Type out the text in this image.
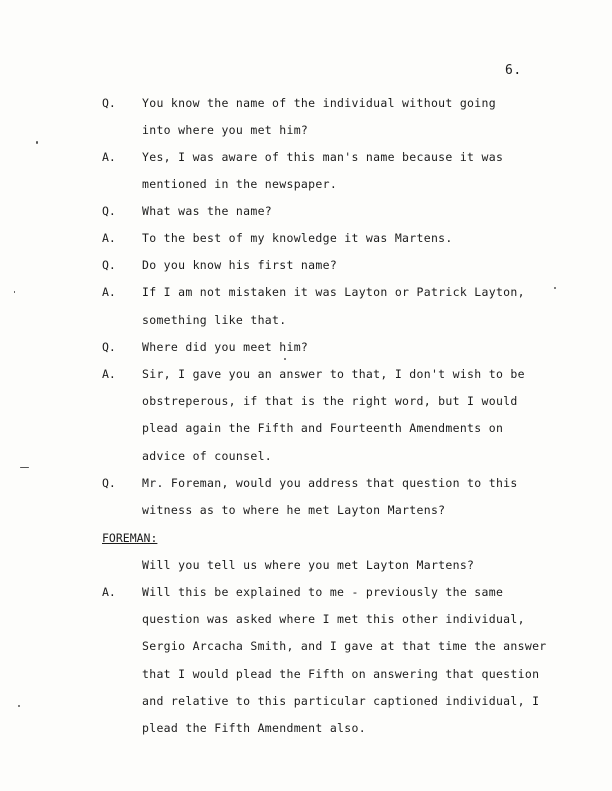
6.
Q. You know the name of the individual without going
into where you met him?
A. Yes, I was aware of this man's name because it was
mentioned in the newspaper.
Q. What was the name?
A. To the best of my knowledge it was Martens.
Q. Do you know his first name?
A. If I am not mistaken it was Layton or Patrick Layton,
something like that.
Q. Where did you meet him?
A. Sir, I gave you an answer to that, I don't wish to be
obstreperous, if that is the right word, but I would
plead again the Fifth and Fourteenth Amendments on
advice of counsel.
Q. Mr. Foreman, would you address that question to this
witness as to where he met Layton Martens?
FOREMAN:
Will you tell us where you met Layton Martens?
A. Will this be explained to me - previously the same
question was asked where I met this other individual,
Sergio Arcacha Smith, and I gave at that time the answer
that I would plead the Fifth on answering that question
and relative to this particular captioned individual, I
plead the Fifth Amendment also.
